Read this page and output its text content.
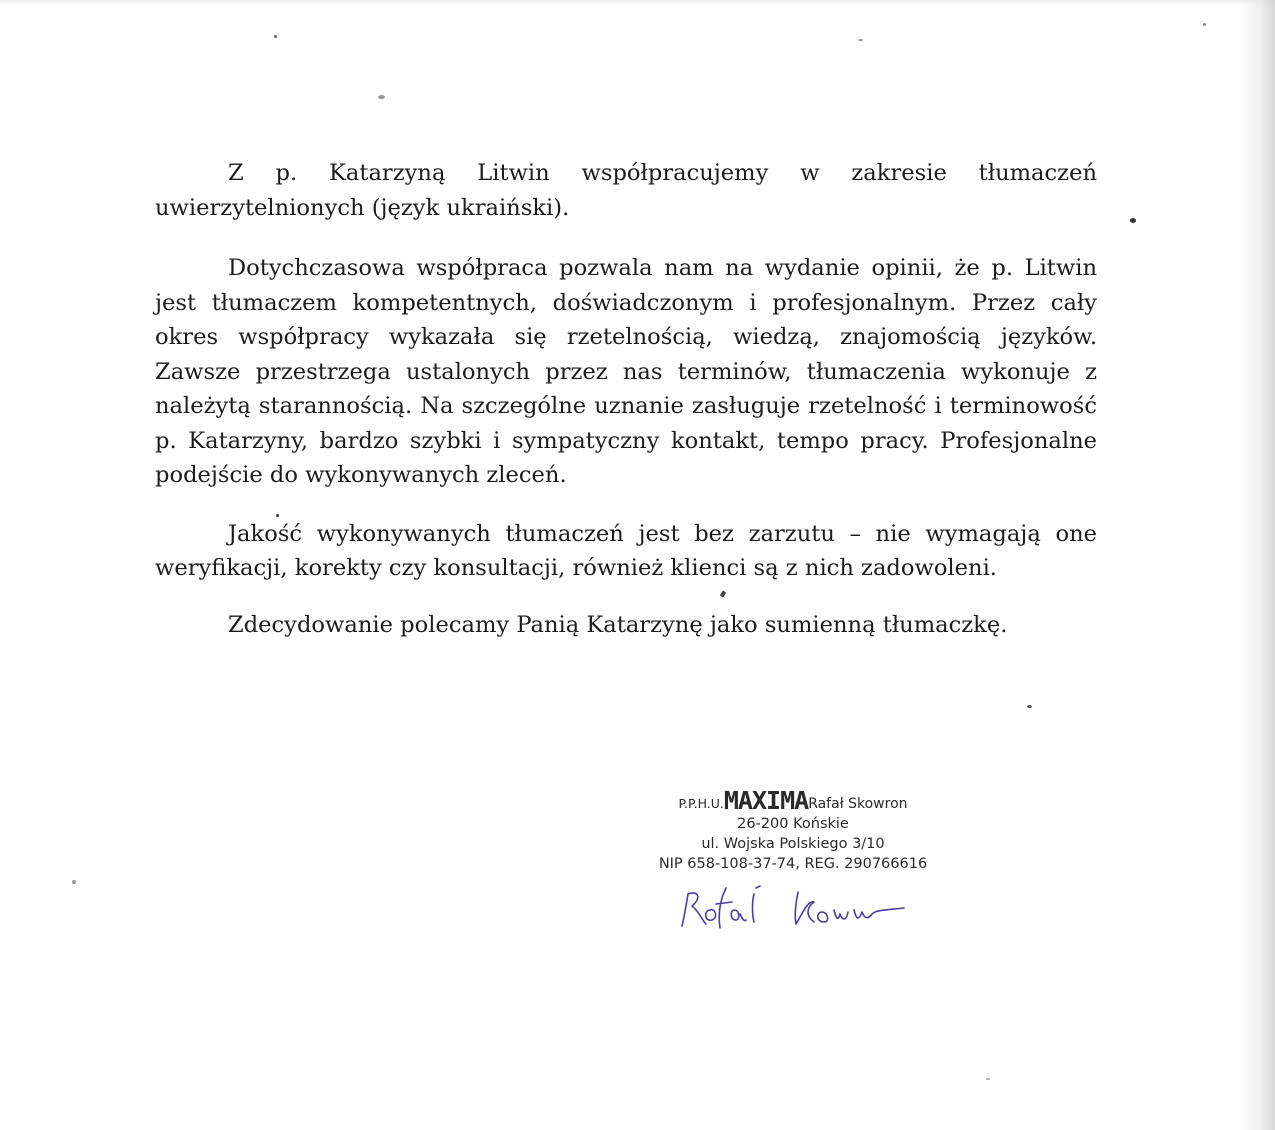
Z p. Katarzyną Litwin współpracujemy w zakresie tłumaczeń uwierzytelnionych (język ukraiński).

Dotychczasowa współpraca pozwala nam na wydanie opinii, że p. Litwin jest tłumaczem kompetentnych, doświadczonym i profesjonalnym. Przez cały okres współpracy wykazała się rzetelnością, wiedzą, znajomością języków. Zawsze przestrzega ustalonych przez nas terminów, tłumaczenia wykonuje z należytą starannością. Na szczególne uznanie zasługuje rzetelność i terminowość p. Katarzyny, bardzo szybki i sympatyczny kontakt, tempo pracy. Profesjonalne podejście do wykonywanych zleceń.

Jakość wykonywanych tłumaczeń jest bez zarzutu – nie wymagają one weryfikacji, korekty czy konsultacji, również klienci są z nich zadowoleni.

Zdecydowanie polecamy Panią Katarzynę jako sumienną tłumaczkę.

P.P.H.U.MAXIMARafał Skowron
26-200 Końskie
ul. Wojska Polskiego 3/10
NIP 658-108-37-74, REG. 290766616
